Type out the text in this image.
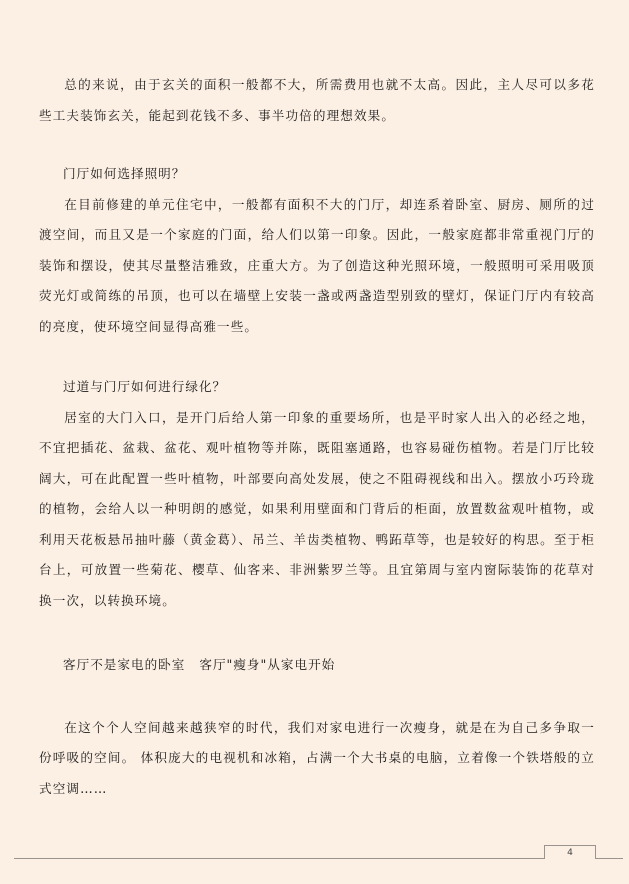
总的来说，由于玄关的面积一般都不大，所需费用也就不太高。因此，主人尽可以多花些工夫装饰玄关，能起到花钱不多、事半功倍的理想效果。

门厅如何选择照明？

在目前修建的单元住宅中，一般都有面积不大的门厅，却连系着卧室、厨房、厕所的过渡空间，而且又是一个家庭的门面，给人们以第一印象。因此，一般家庭都非常重视门厅的装饰和摆设，使其尽量整洁雅致，庄重大方。为了创造这种光照环境，一般照明可采用吸顶荧光灯或简练的吊顶，也可以在墙壁上安装一盏或两盏造型别致的壁灯，保证门厅内有较高的亮度，使环境空间显得高雅一些。

过道与门厅如何进行绿化？

居室的大门入口，是开门后给人第一印象的重要场所，也是平时家人出入的必经之地，不宜把插花、盆栽、盆花、观叶植物等并陈，既阻塞通路，也容易碰伤植物。若是门厅比较阔大，可在此配置一些叶植物，叶部要向高处发展，使之不阻碍视线和出入。摆放小巧玲珑的植物，会给人以一种明朗的感觉，如果利用壁面和门背后的柜面，放置数盆观叶植物，或利用天花板悬吊抽叶藤（黄金葛）、吊兰、羊齿类植物、鸭跖草等，也是较好的构思。至于柜台上，可放置一些菊花、樱草、仙客来、非洲紫罗兰等。且宜第周与室内窗际装饰的花草对换一次，以转换环境。

客厅不是家电的卧室 客厅"瘦身"从家电开始

在这个个人空间越来越狭窄的时代，我们对家电进行一次瘦身，就是在为自己多争取一份呼吸的空间。 体积庞大的电视机和冰箱，占满一个大书桌的电脑，立着像一个铁塔般的立式空调……

4
